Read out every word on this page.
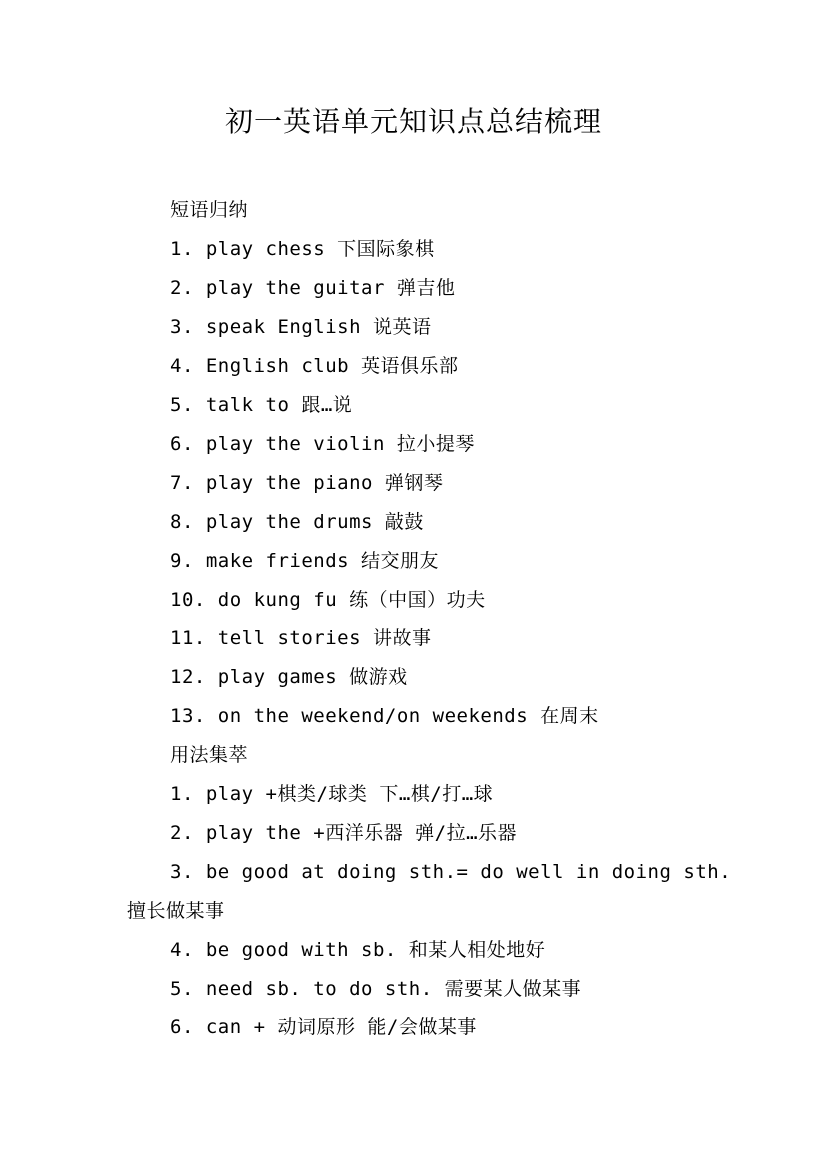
初一英语单元知识点总结梳理
短语归纳
1. play chess 下国际象棋
2. play the guitar 弹吉他
3. speak English 说英语
4. English club 英语俱乐部
5. talk to 跟…说
6. play the violin 拉小提琴
7. play the piano 弹钢琴
8. play the drums 敲鼓
9. make friends 结交朋友
10. do kung fu 练（中国）功夫
11. tell stories 讲故事
12. play games 做游戏
13. on the weekend/on weekends 在周末
用法集萃
1. play +棋类/球类 下…棋/打…球
2. play the +西洋乐器 弹/拉…乐器
3. be good at doing sth.= do well in doing sth.
擅长做某事
4. be good with sb. 和某人相处地好
5. need sb. to do sth. 需要某人做某事
6. can + 动词原形 能/会做某事
